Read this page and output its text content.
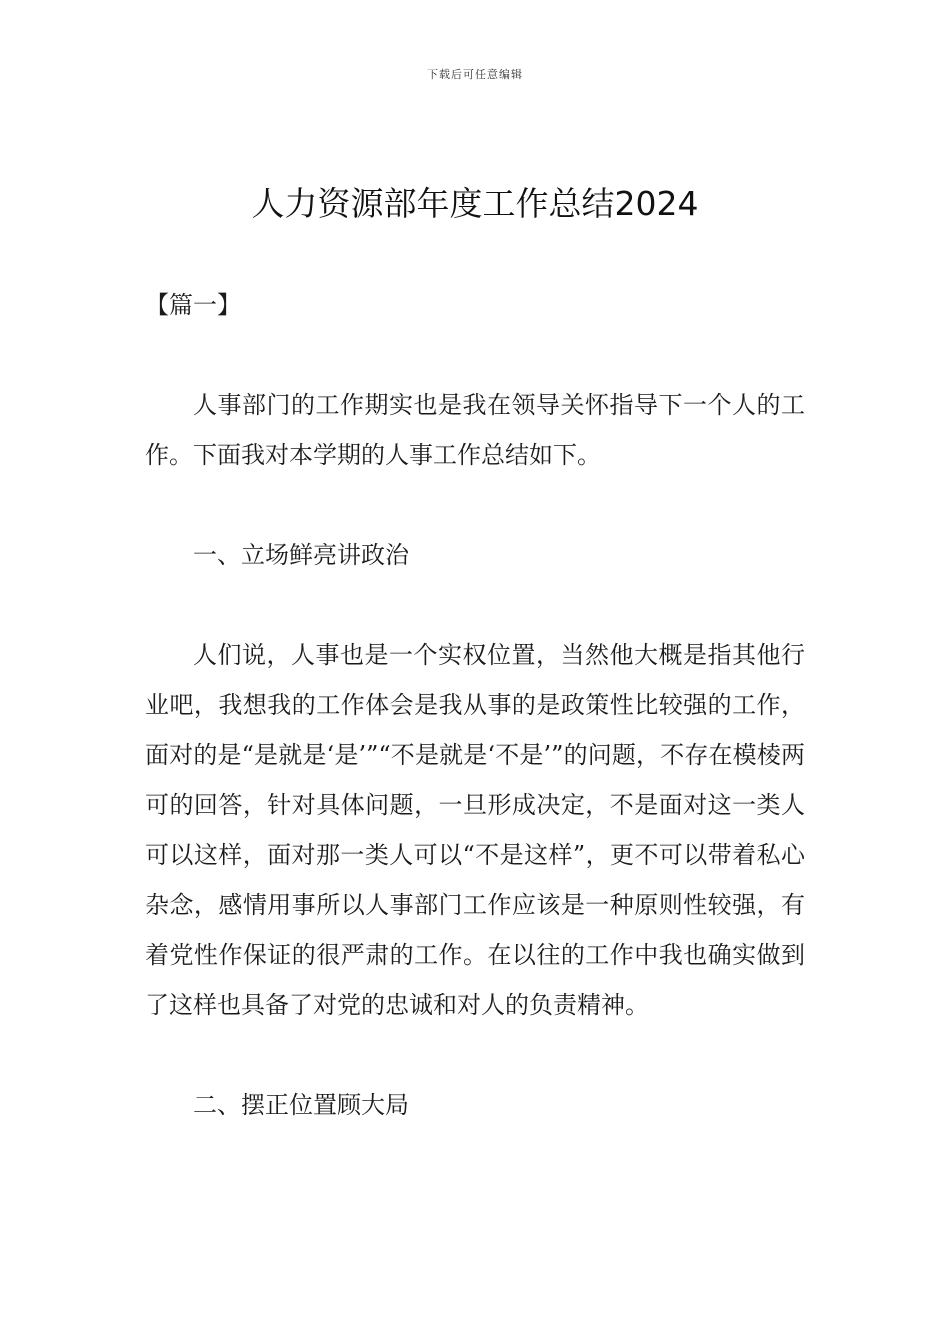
下载后可任意编辑
人力资源部年度工作总结2024

【篇一】

人事部门的工作期实也是我在领导关怀指导下一个人的工作。下面我对本学期的人事工作总结如下。

一、立场鲜亮讲政治

人们说，人事也是一个实权位置，当然他大概是指其他行业吧，我想我的工作体会是我从事的是政策性比较强的工作，面对的是“是就是‘是’”“不是就是‘不是’”的问题，不存在模棱两可的回答，针对具体问题，一旦形成决定，不是面对这一类人可以这样，面对那一类人可以“不是这样”，更不可以带着私心杂念，感情用事所以人事部门工作应该是一种原则性较强，有着党性作保证的很严肃的工作。在以往的工作中我也确实做到了这样也具备了对党的忠诚和对人的负责精神。

二、摆正位置顾大局
